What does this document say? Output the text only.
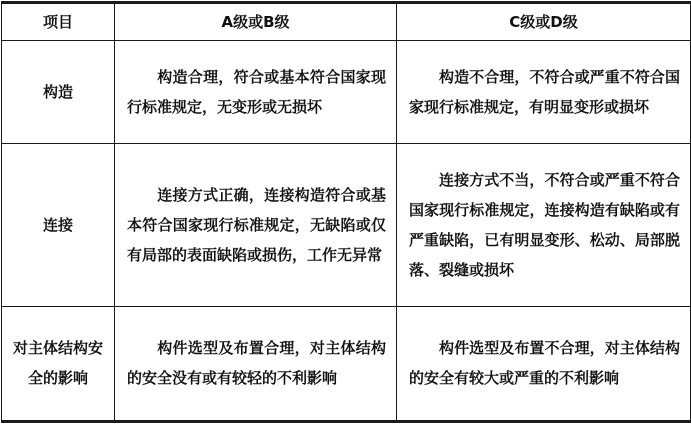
项目	A级或B级	C级或D级
构造	构造合理，符合或基本符合国家现行标准规定，无变形或无损坏	构造不合理，不符合或严重不符合国家现行标准规定，有明显变形或损坏
连接	连接方式正确，连接构造符合或基本符合国家现行标准规定，无缺陷或仅有局部的表面缺陷或损伤，工作无异常	连接方式不当，不符合或严重不符合国家现行标准规定，连接构造有缺陷或有严重缺陷，已有明显变形、松动、局部脱落、裂缝或损坏
对主体结构安全的影响	构件选型及布置合理，对主体结构的安全没有或有较轻的不利影响	构件选型及布置不合理，对主体结构的安全有较大或严重的不利影响
